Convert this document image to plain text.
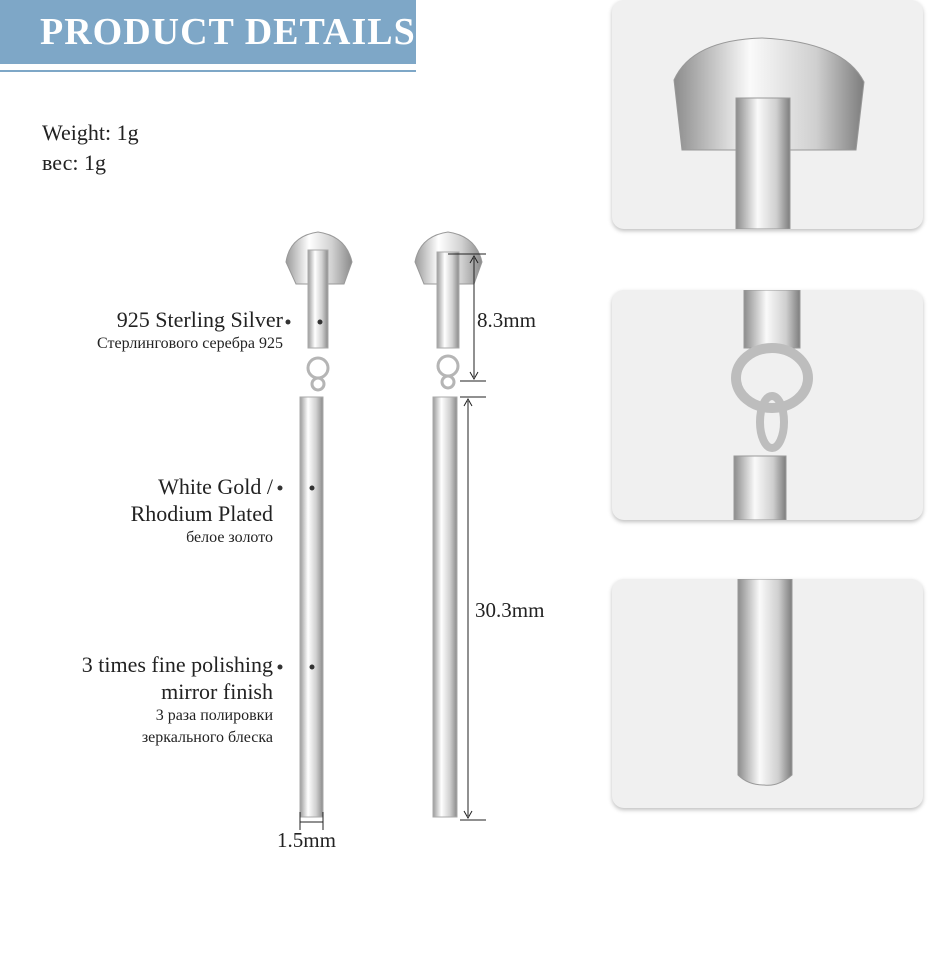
PRODUCT DETAILS
Weight: 1g
вес: 1g
925 Sterling Silver
Стерлингового серебра 925
White Gold /
Rhodium Plated
белое золото
3 times fine polishing
mirror finish
3 раза полировки
зеркального блеска
8.3mm
30.3mm
1.5mm
